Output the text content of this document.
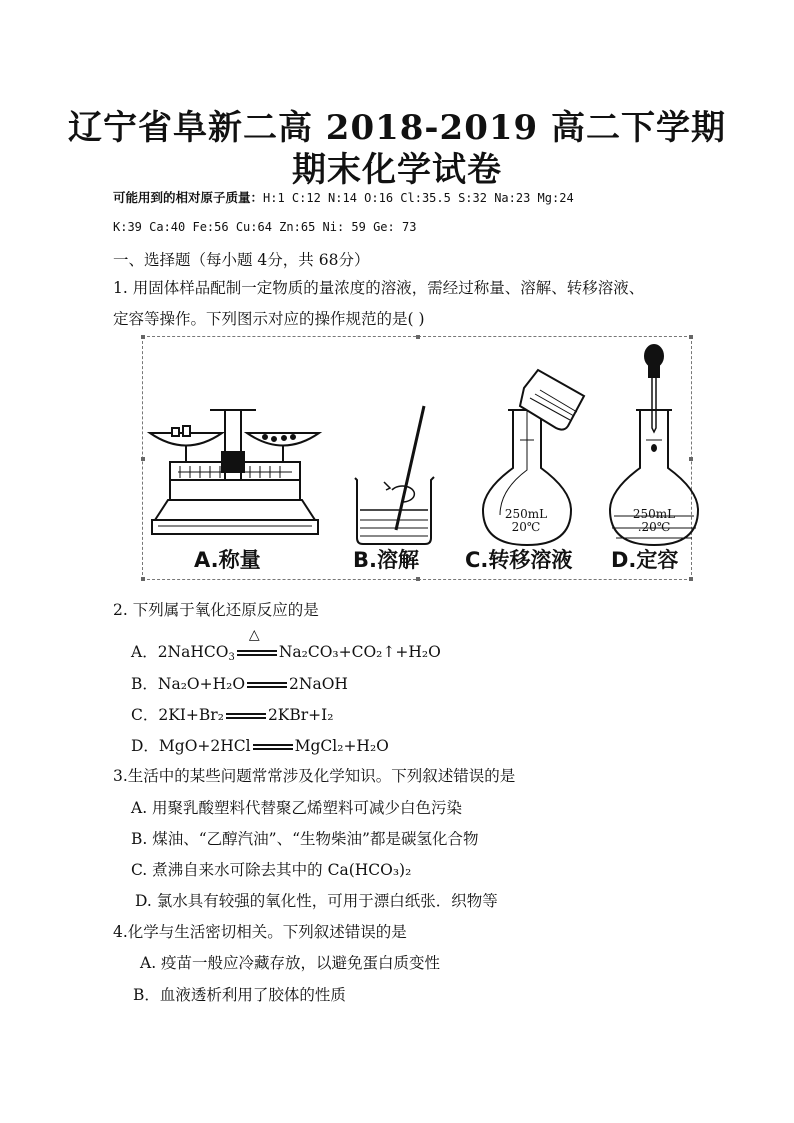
辽宁省阜新二高 2018-2019 高二下学期
期末化学试卷
可能用到的相对原子质量：H:1 C:12 N:14 O:16 Cl:35.5 S:32 Na:23 Mg:24
K:39 Ca:40 Fe:56 Cu:64 Zn:65 Ni: 59 Ge: 73
一、选择题（每小题 4分，共 68分）
1. 用固体样品配制一定物质的量浓度的溶液，需经过称量、溶解、转移溶液、
定容等操作。下列图示对应的操作规范的是( )
250mL
20℃
250mL
.20℃
A.称量	B.溶解 C.转移溶液 D.定容
2. 下列属于氧化还原反应的是
A．2NaHCO$_3$
△
Na₂CO₃+CO₂↑+H₂O
B．Na₂O+H₂O	2NaOH
C．2KI+Br₂	2KBr+I₂
D．MgO+2HCl	MgCl₂+H₂O
3.生活中的某些问题常常涉及化学知识。下列叙述错误的是
A. 用聚乳酸塑料代替聚乙烯塑料可减少白色污染
B. 煤油、“乙醇汽油”、“生物柴油”都是碳氢化合物
C. 煮沸自来水可除去其中的 Ca(HCO₃)₂
D. 氯水具有较强的氧化性，可用于漂白纸张．织物等
4.化学与生活密切相关。下列叙述错误的是
A. 疫苗一般应冷藏存放，以避免蛋白质变性
B．血液透析利用了胶体的性质
